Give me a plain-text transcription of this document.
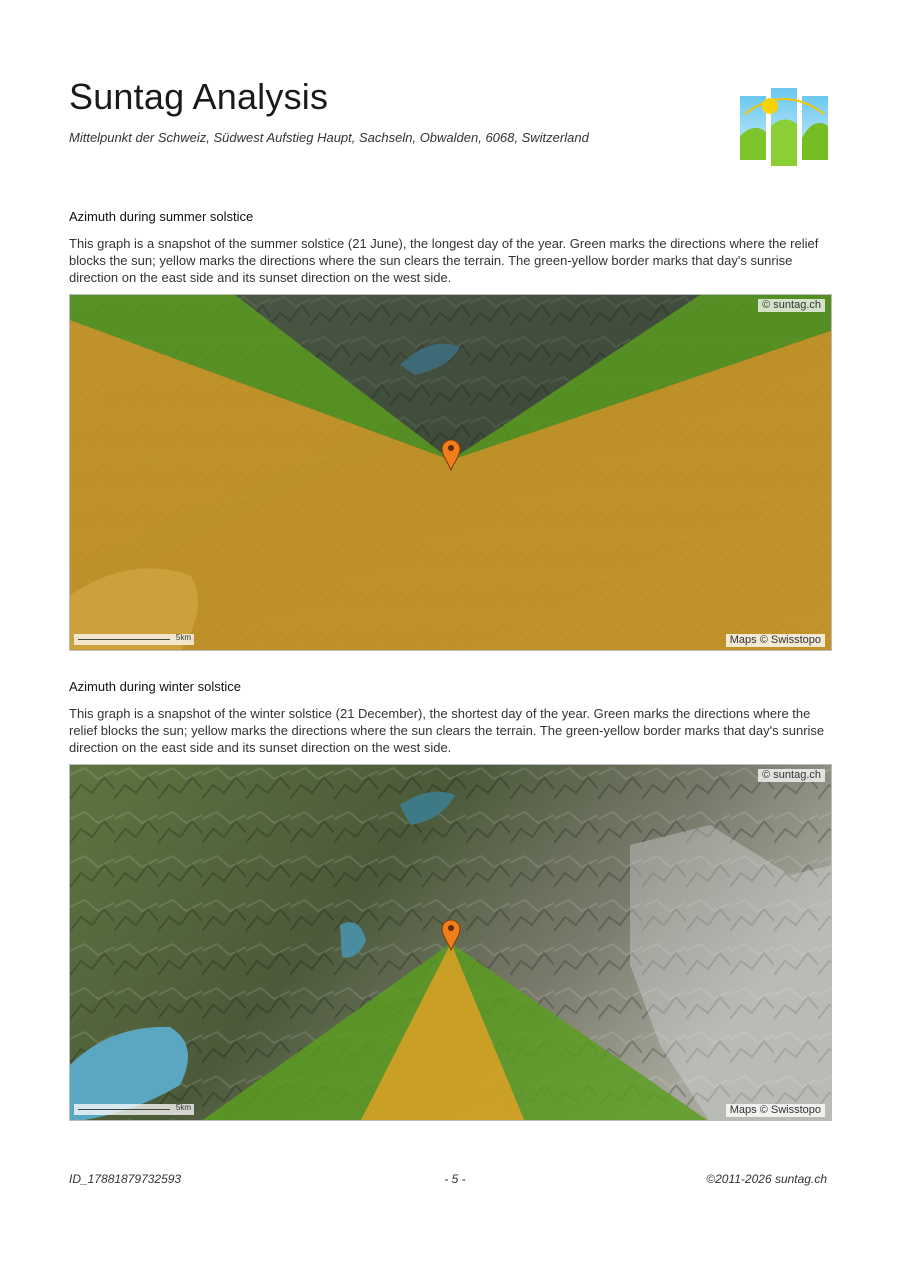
Suntag Analysis
Mittelpunkt der Schweiz, Südwest Aufstieg Haupt, Sachseln, Obwalden, 6068, Switzerland
Azimuth during summer solstice
This graph is a snapshot of the summer solstice (21 June), the longest day of the year. Green marks the directions where the relief blocks the sun; yellow marks the directions where the sun clears the terrain. The green-yellow border marks that day's sunrise direction on the east side and its sunset direction on the west side.
© suntag.ch
5km	Maps © Swisstopo
Azimuth during winter solstice
This graph is a snapshot of the winter solstice (21 December), the shortest day of the year. Green marks the directions where the relief blocks the sun; yellow marks the directions where the sun clears the terrain. The green-yellow border marks that day's sunrise direction on the east side and its sunset direction on the west side.
© suntag.ch
5km	Maps © Swisstopo
ID_17881879732593	- 5 -	©2011-2026 suntag.ch
